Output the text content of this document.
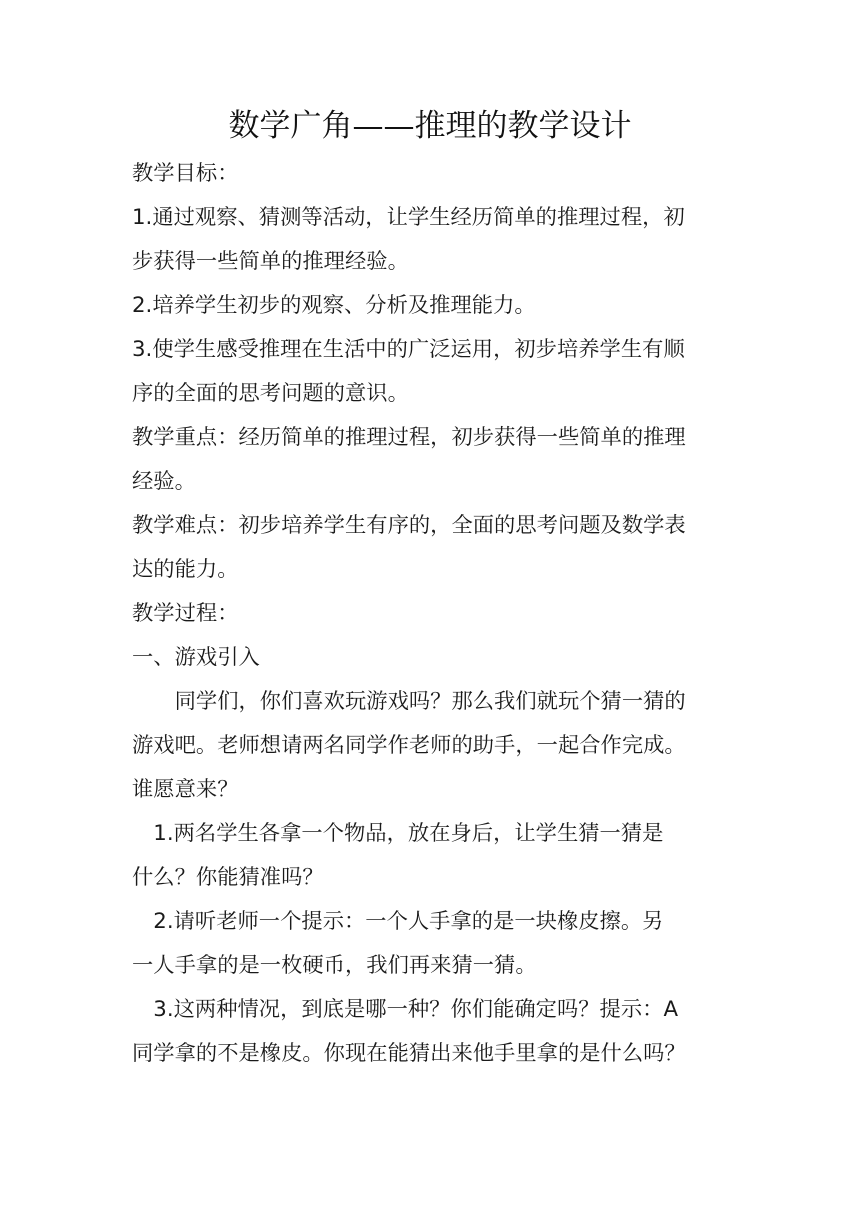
数学广角——推理的教学设计
教学目标：
1.通过观察、猜测等活动，让学生经历简单的推理过程，初
步获得一些简单的推理经验。
2.培养学生初步的观察、分析及推理能力。
3.使学生感受推理在生活中的广泛运用，初步培养学生有顺
序的全面的思考问题的意识。
教学重点：经历简单的推理过程，初步获得一些简单的推理
经验。
教学难点：初步培养学生有序的，全面的思考问题及数学表
达的能力。
教学过程：
一、游戏引入
　　同学们，你们喜欢玩游戏吗？那么我们就玩个猜一猜的
游戏吧。老师想请两名同学作老师的助手，一起合作完成。
谁愿意来？
　1.两名学生各拿一个物品，放在身后，让学生猜一猜是
什么？你能猜准吗？
　2.请听老师一个提示：一个人手拿的是一块橡皮擦。另
一人手拿的是一枚硬币，我们再来猜一猜。
　3.这两种情况，到底是哪一种？你们能确定吗？提示：A
同学拿的不是橡皮。你现在能猜出来他手里拿的是什么吗？
